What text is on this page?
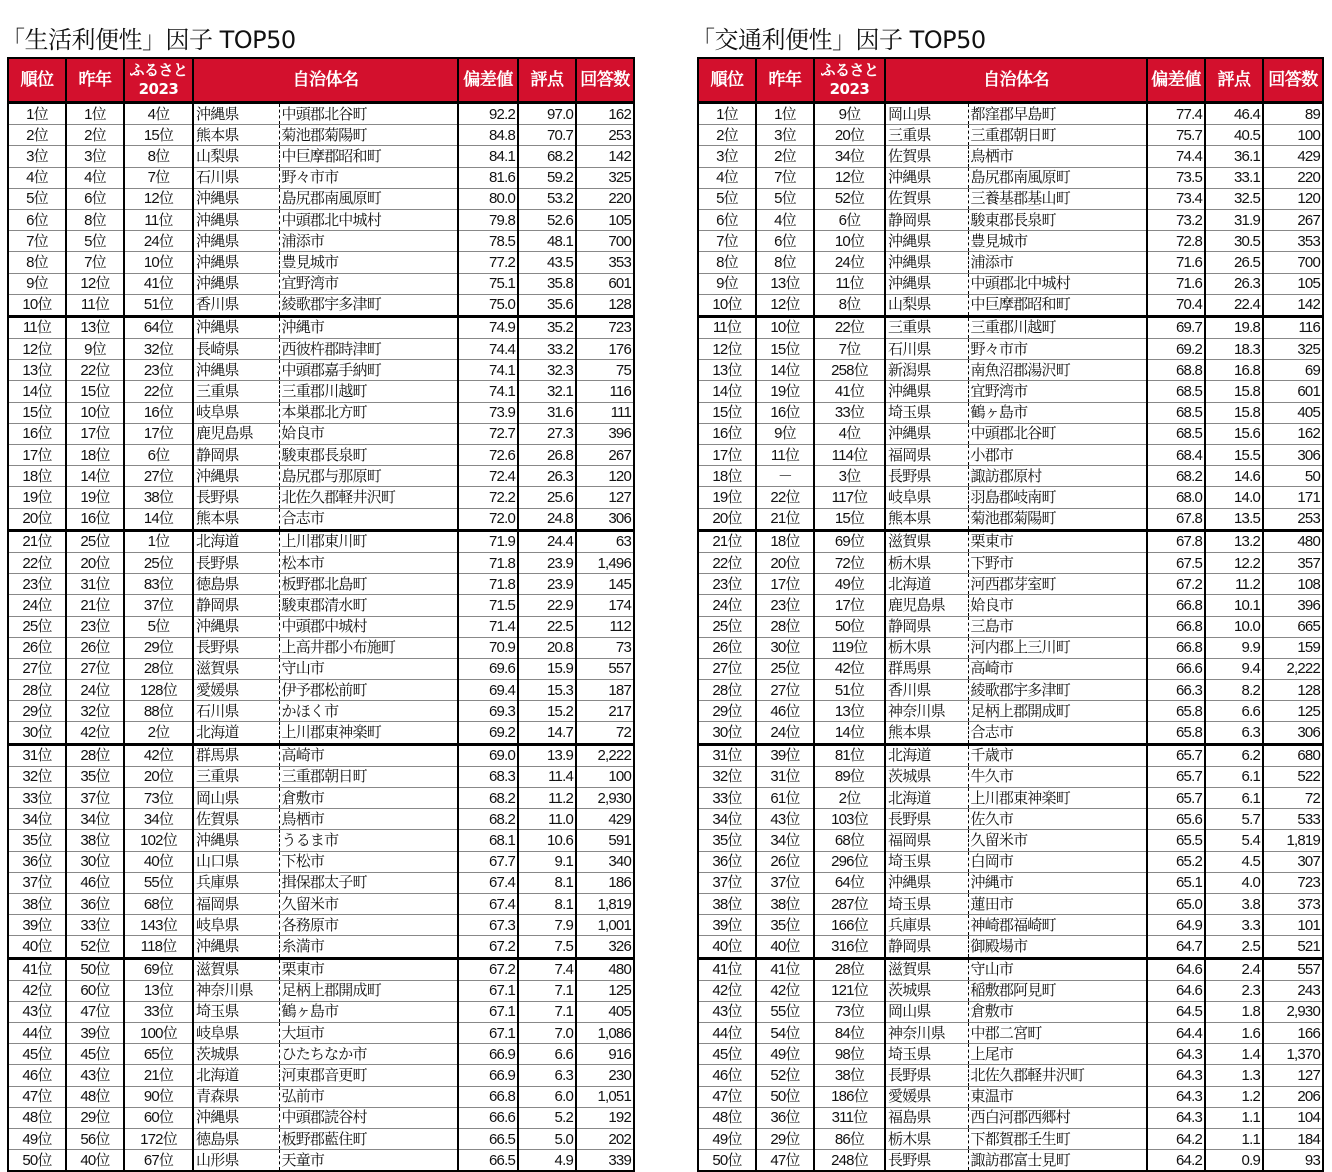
「生活利便性」因子 TOP50
順位	昨年	ふるさと
2023	自治体名		偏差値	評点	回答数
1位	1位	4位	沖縄県	中頭郡北谷町	92.2	97.0	162
2位	2位	15位	熊本県	菊池郡菊陽町	84.8	70.7	253
3位	3位	8位	山梨県	中巨摩郡昭和町	84.1	68.2	142
4位	4位	7位	石川県	野々市市	81.6	59.2	325
5位	6位	12位	沖縄県	島尻郡南風原町	80.0	53.2	220
6位	8位	11位	沖縄県	中頭郡北中城村	79.8	52.6	105
7位	5位	24位	沖縄県	浦添市	78.5	48.1	700
8位	7位	10位	沖縄県	豊見城市	77.2	43.5	353
9位	12位	41位	沖縄県	宜野湾市	75.1	35.8	601
10位	11位	51位	香川県	綾歌郡宇多津町	75.0	35.6	128
11位	13位	64位	沖縄県	沖縄市	74.9	35.2	723
12位	9位	32位	長崎県	西彼杵郡時津町	74.4	33.2	176
13位	22位	23位	沖縄県	中頭郡嘉手納町	74.1	32.3	75
14位	15位	22位	三重県	三重郡川越町	74.1	32.1	116
15位	10位	16位	岐阜県	本巣郡北方町	73.9	31.6	111
16位	17位	17位	鹿児島県	姶良市	72.7	27.3	396
17位	18位	6位	静岡県	駿東郡長泉町	72.6	26.8	267
18位	14位	27位	沖縄県	島尻郡与那原町	72.4	26.3	120
19位	19位	38位	長野県	北佐久郡軽井沢町	72.2	25.6	127
20位	16位	14位	熊本県	合志市	72.0	24.8	306
21位	25位	1位	北海道	上川郡東川町	71.9	24.4	63
22位	20位	25位	長野県	松本市	71.8	23.9	1,496
23位	31位	83位	徳島県	板野郡北島町	71.8	23.9	145
24位	21位	37位	静岡県	駿東郡清水町	71.5	22.9	174
25位	23位	5位	沖縄県	中頭郡中城村	71.4	22.5	112
26位	26位	29位	長野県	上高井郡小布施町	70.9	20.8	73
27位	27位	28位	滋賀県	守山市	69.6	15.9	557
28位	24位	128位	愛媛県	伊予郡松前町	69.4	15.3	187
29位	32位	88位	石川県	かほく市	69.3	15.2	217
30位	42位	2位	北海道	上川郡東神楽町	69.2	14.7	72
31位	28位	42位	群馬県	高崎市	69.0	13.9	2,222
32位	35位	20位	三重県	三重郡朝日町	68.3	11.4	100
33位	37位	73位	岡山県	倉敷市	68.2	11.2	2,930
34位	34位	34位	佐賀県	鳥栖市	68.2	11.0	429
35位	38位	102位	沖縄県	うるま市	68.1	10.6	591
36位	30位	40位	山口県	下松市	67.7	9.1	340
37位	46位	55位	兵庫県	揖保郡太子町	67.4	8.1	186
38位	36位	68位	福岡県	久留米市	67.4	8.1	1,819
39位	33位	143位	岐阜県	各務原市	67.3	7.9	1,001
40位	52位	118位	沖縄県	糸満市	67.2	7.5	326
41位	50位	69位	滋賀県	栗東市	67.2	7.4	480
42位	60位	13位	神奈川県	足柄上郡開成町	67.1	7.1	125
43位	47位	33位	埼玉県	鶴ヶ島市	67.1	7.1	405
44位	39位	100位	岐阜県	大垣市	67.1	7.0	1,086
45位	45位	65位	茨城県	ひたちなか市	66.9	6.6	916
46位	43位	21位	北海道	河東郡音更町	66.9	6.3	230
47位	48位	90位	青森県	弘前市	66.8	6.0	1,051
48位	29位	60位	沖縄県	中頭郡読谷村	66.6	5.2	192
49位	56位	172位	徳島県	板野郡藍住町	66.5	5.0	202
50位	40位	67位	山形県	天童市	66.5	4.9	339
「交通利便性」因子 TOP50
順位	昨年	ふるさと
2023	自治体名		偏差値	評点	回答数
1位	1位	9位	岡山県	都窪郡早島町	77.4	46.4	89
2位	3位	20位	三重県	三重郡朝日町	75.7	40.5	100
3位	2位	34位	佐賀県	鳥栖市	74.4	36.1	429
4位	7位	12位	沖縄県	島尻郡南風原町	73.5	33.1	220
5位	5位	52位	佐賀県	三養基郡基山町	73.4	32.5	120
6位	4位	6位	静岡県	駿東郡長泉町	73.2	31.9	267
7位	6位	10位	沖縄県	豊見城市	72.8	30.5	353
8位	8位	24位	沖縄県	浦添市	71.6	26.5	700
9位	13位	11位	沖縄県	中頭郡北中城村	71.6	26.3	105
10位	12位	8位	山梨県	中巨摩郡昭和町	70.4	22.4	142
11位	10位	22位	三重県	三重郡川越町	69.7	19.8	116
12位	15位	7位	石川県	野々市市	69.2	18.3	325
13位	14位	258位	新潟県	南魚沼郡湯沢町	68.8	16.8	69
14位	19位	41位	沖縄県	宜野湾市	68.5	15.8	601
15位	16位	33位	埼玉県	鶴ヶ島市	68.5	15.8	405
16位	9位	4位	沖縄県	中頭郡北谷町	68.5	15.6	162
17位	11位	114位	福岡県	小郡市	68.4	15.5	306
18位	－	3位	長野県	諏訪郡原村	68.2	14.6	50
19位	22位	117位	岐阜県	羽島郡岐南町	68.0	14.0	171
20位	21位	15位	熊本県	菊池郡菊陽町	67.8	13.5	253
21位	18位	69位	滋賀県	栗東市	67.8	13.2	480
22位	20位	72位	栃木県	下野市	67.5	12.2	357
23位	17位	49位	北海道	河西郡芽室町	67.2	11.2	108
24位	23位	17位	鹿児島県	姶良市	66.8	10.1	396
25位	28位	50位	静岡県	三島市	66.8	10.0	665
26位	30位	119位	栃木県	河内郡上三川町	66.8	9.9	159
27位	25位	42位	群馬県	高崎市	66.6	9.4	2,222
28位	27位	51位	香川県	綾歌郡宇多津町	66.3	8.2	128
29位	46位	13位	神奈川県	足柄上郡開成町	65.8	6.6	125
30位	24位	14位	熊本県	合志市	65.8	6.3	306
31位	39位	81位	北海道	千歳市	65.7	6.2	680
32位	31位	89位	茨城県	牛久市	65.7	6.1	522
33位	61位	2位	北海道	上川郡東神楽町	65.7	6.1	72
34位	43位	103位	長野県	佐久市	65.6	5.7	533
35位	34位	68位	福岡県	久留米市	65.5	5.4	1,819
36位	26位	296位	埼玉県	白岡市	65.2	4.5	307
37位	37位	64位	沖縄県	沖縄市	65.1	4.0	723
38位	38位	287位	埼玉県	蓮田市	65.0	3.8	373
39位	35位	166位	兵庫県	神崎郡福崎町	64.9	3.3	101
40位	40位	316位	静岡県	御殿場市	64.7	2.5	521
41位	41位	28位	滋賀県	守山市	64.6	2.4	557
42位	42位	121位	茨城県	稲敷郡阿見町	64.6	2.3	243
43位	55位	73位	岡山県	倉敷市	64.5	1.8	2,930
44位	54位	84位	神奈川県	中郡二宮町	64.4	1.6	166
45位	49位	98位	埼玉県	上尾市	64.3	1.4	1,370
46位	52位	38位	長野県	北佐久郡軽井沢町	64.3	1.3	127
47位	50位	186位	愛媛県	東温市	64.3	1.2	206
48位	36位	311位	福島県	西白河郡西郷村	64.3	1.1	104
49位	29位	86位	栃木県	下都賀郡壬生町	64.2	1.1	184
50位	47位	248位	長野県	諏訪郡富士見町	64.2	0.9	93
